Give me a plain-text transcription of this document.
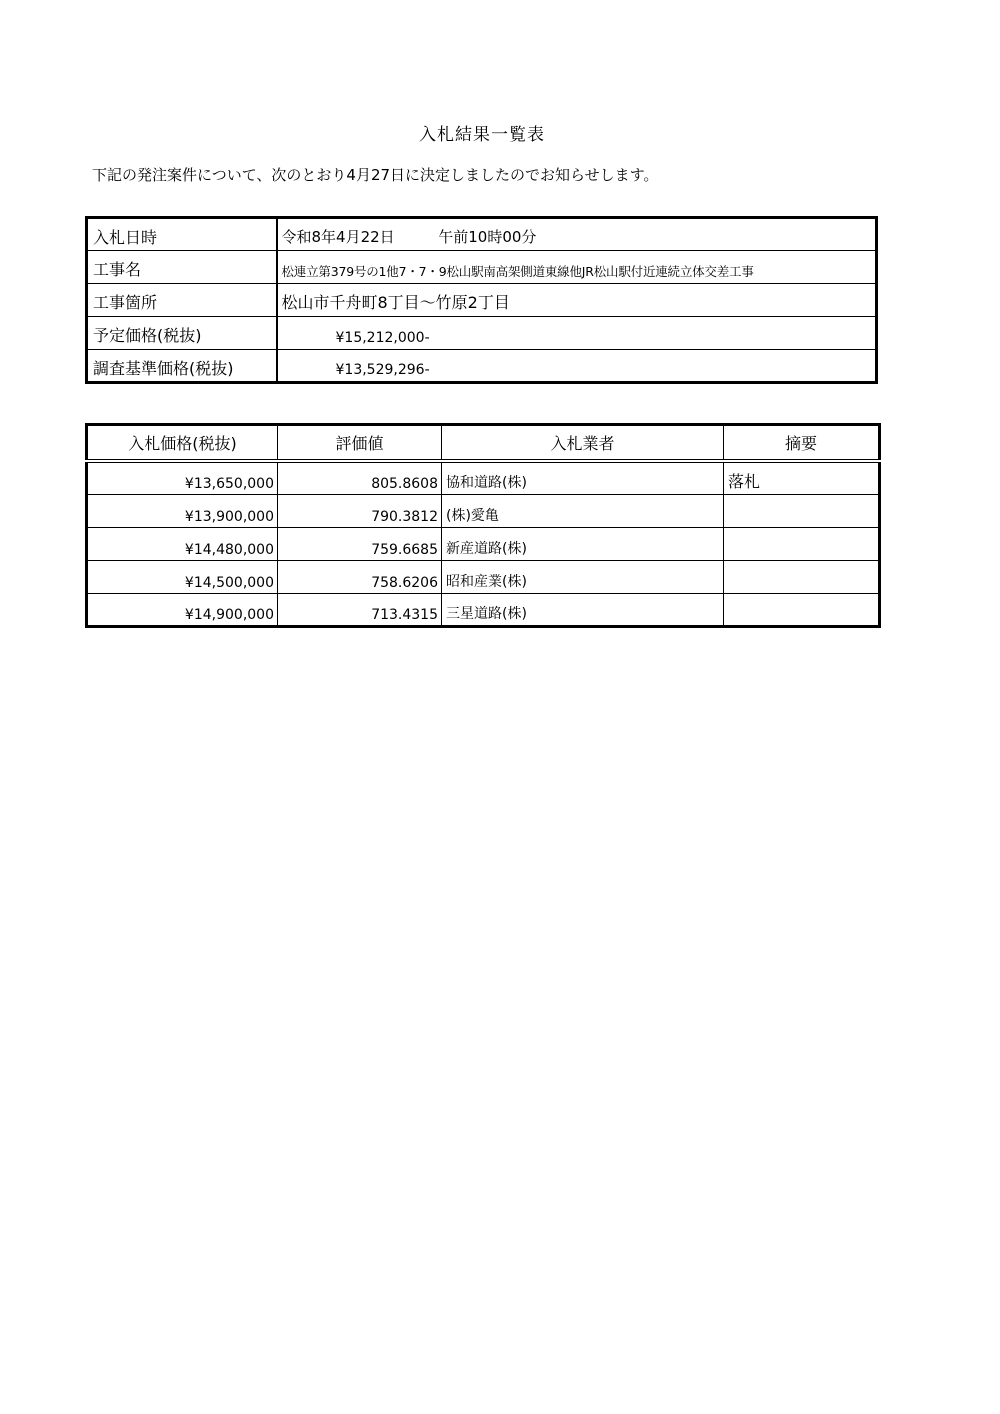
入札結果一覧表
下記の発注案件について、次のとおり4月27日に決定しましたのでお知らせします。
入札日時	令和8年4月22日 午前10時00分
工事名	松連立第379号の1他7・7・9松山駅南高架側道東線他JR松山駅付近連続立体交差工事
工事箇所	松山市千舟町8丁目～竹原2丁目
予定価格(税抜)	¥15,212,000-
調査基準価格(税抜)	¥13,529,296-
入札価格(税抜)	評価値	入札業者	摘要
¥13,650,000	805.8608	協和道路(株)	落札
¥13,900,000	790.3812	(株)愛亀	
¥14,480,000	759.6685	新産道路(株)	
¥14,500,000	758.6206	昭和産業(株)	
¥14,900,000	713.4315	三星道路(株)	
